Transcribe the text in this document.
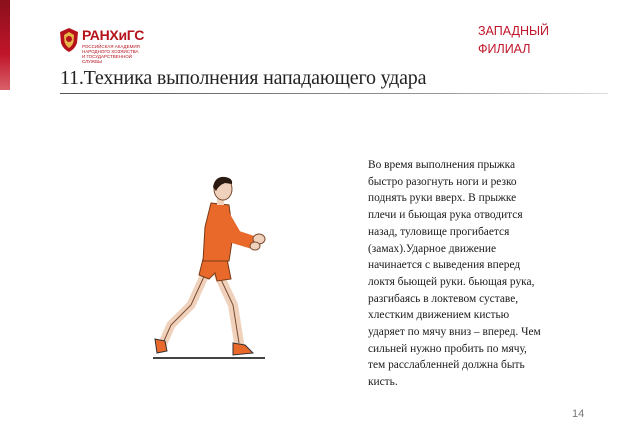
РАНХиГС
РОССИЙСКАЯ АКАДЕМИЯ НАРОДНОГО ХОЗЯЙСТВА И ГОСУДАРСТВЕННОЙ СЛУЖБЫ
ЗАПАДНЫЙ
ФИЛИАЛ
11.Техника выполнения нападающего удара
Во время выполнения прыжка быстро разогнуть ноги и резко поднять руки вверх. В прыжке плечи и бьющая рука отводится назад, туловище прогибается (замах).Ударное движение начинается с выведения вперед локтя бьющей руки. бьющая рука, разгибаясь в локтевом суставе, хлестким движением кистью ударяет по мячу вниз – вперед. Чем сильней нужно пробить по мячу, тем расслабленней должна быть кисть.
14
